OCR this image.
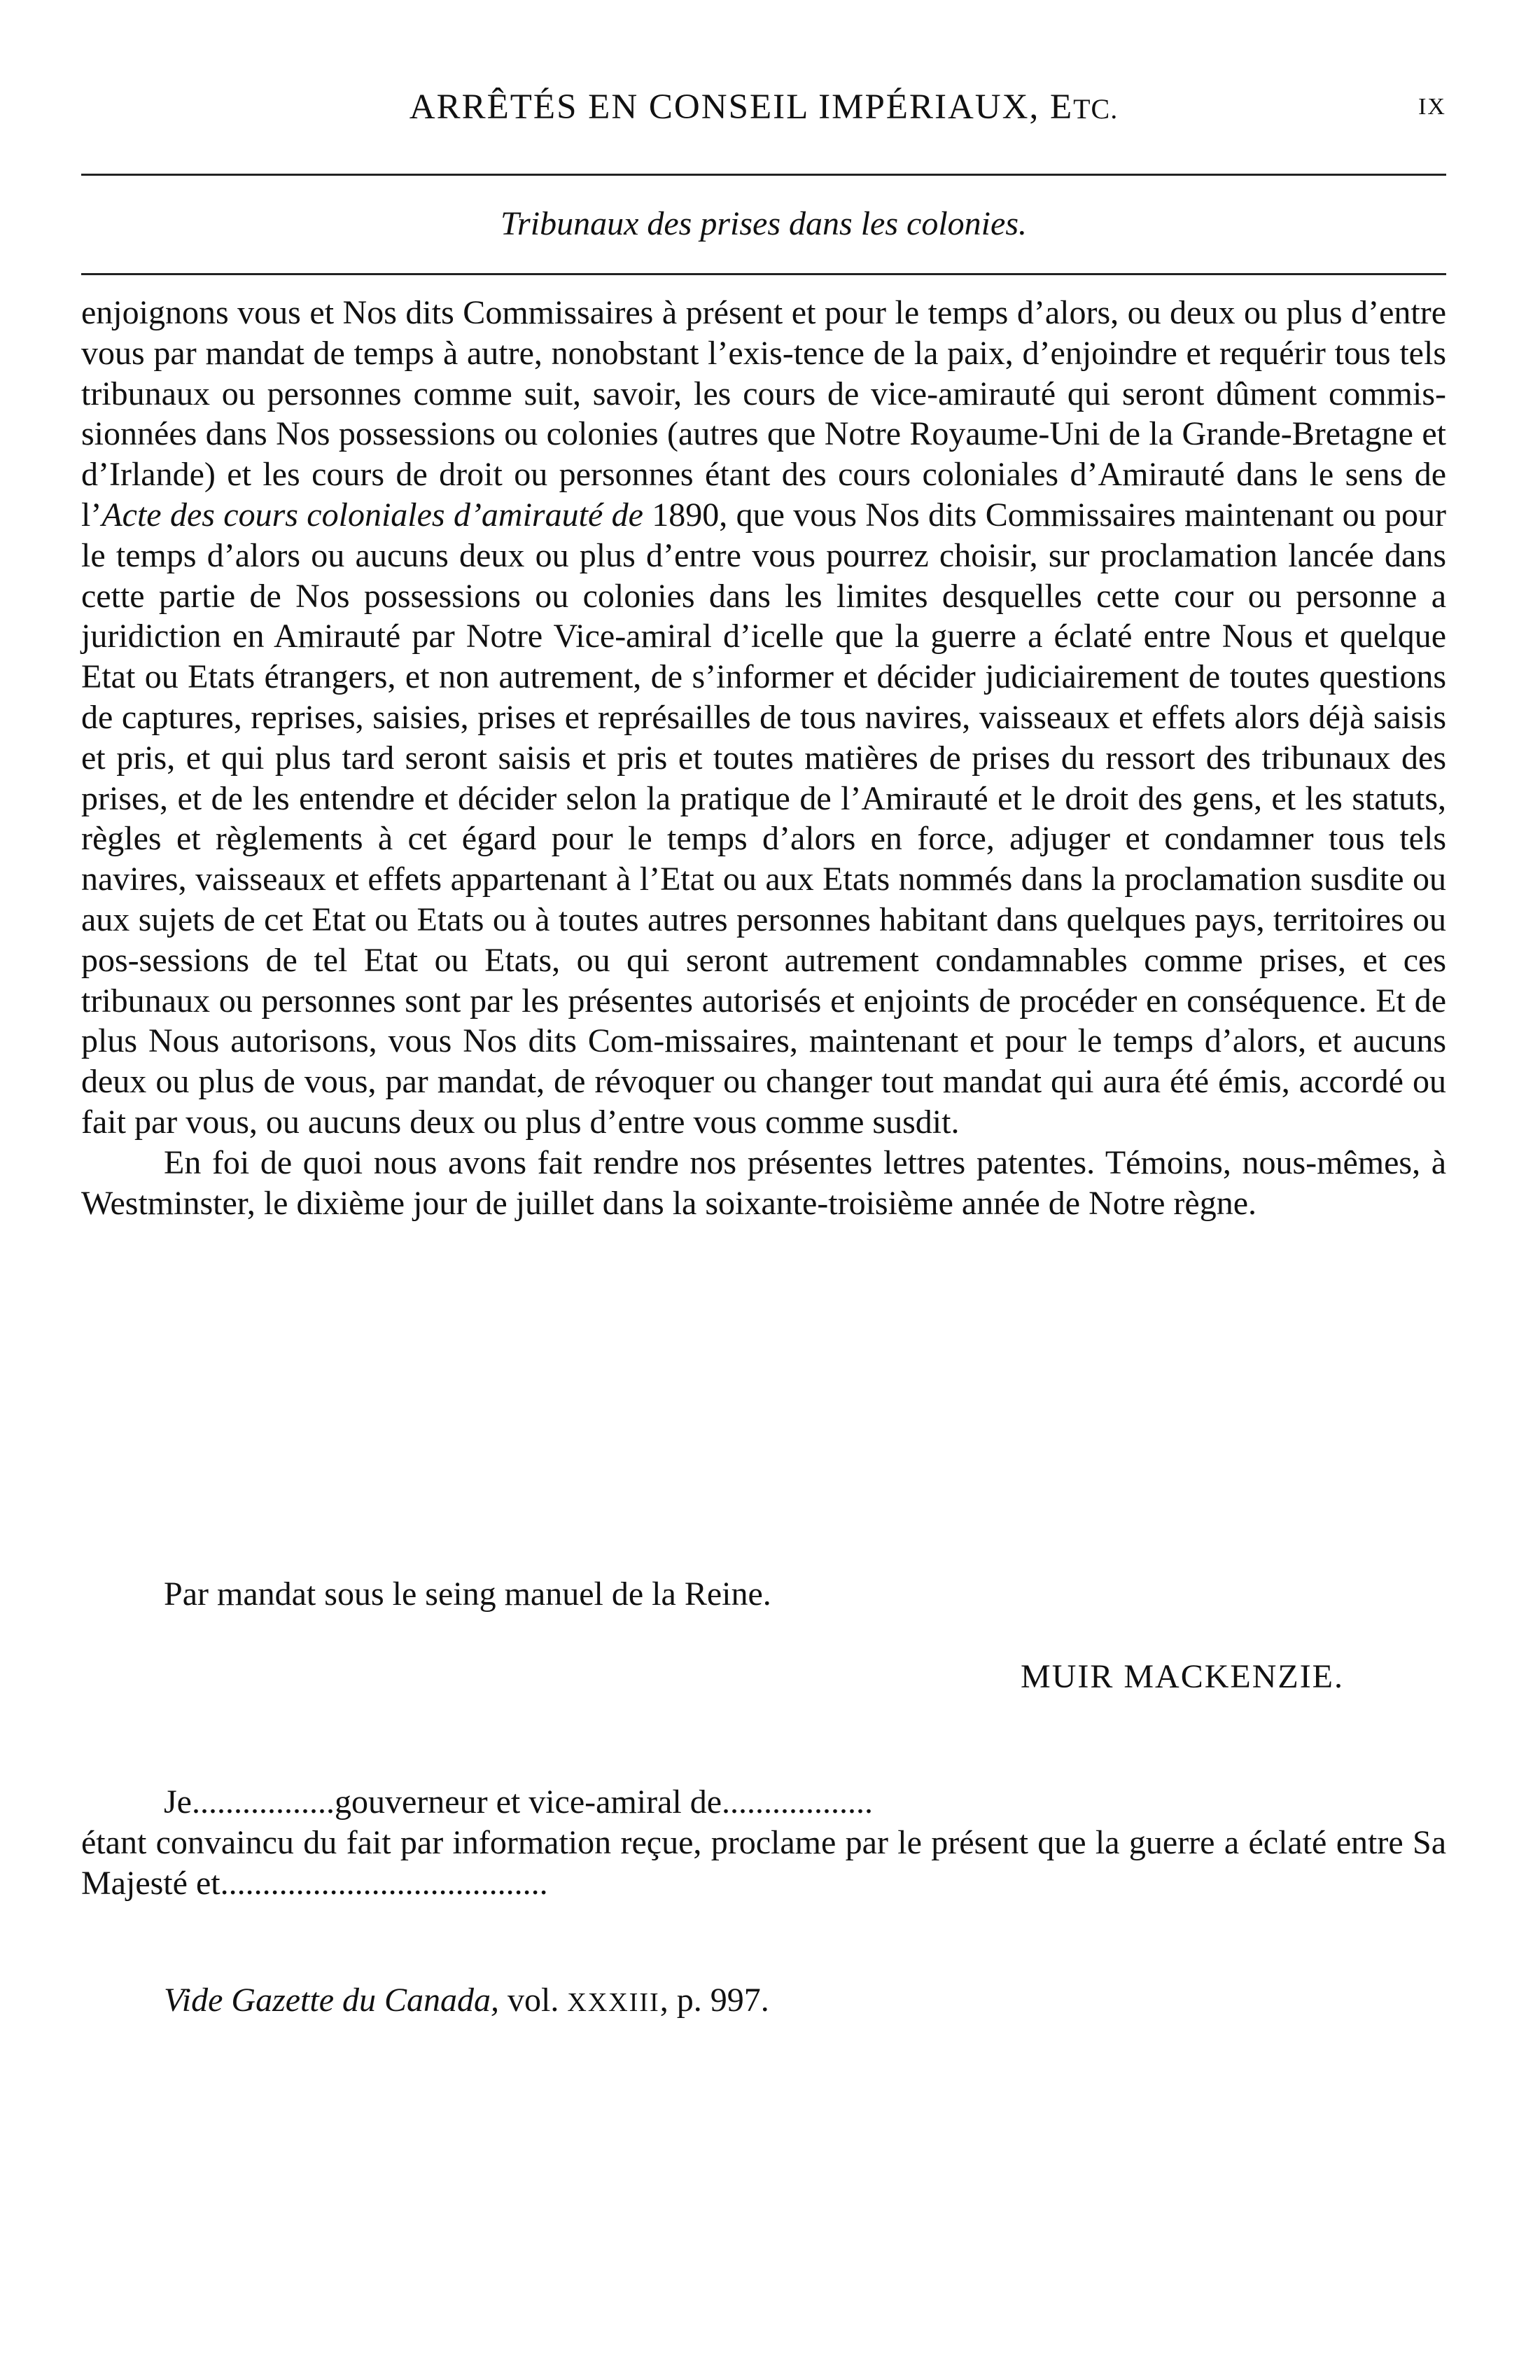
ARRÊTÉS EN CONSEIL IMPÉRIAUX, ETC.	IX
Tribunaux des prises dans les colonies.

enjoignons vous et Nos dits Commissaires à présent et pour le temps d’alors, ou deux ou plus d’entre vous par mandat de temps à autre, nonobstant l’exis-tence de la paix, d’enjoindre et requérir tous tels tribunaux ou personnes comme suit, savoir, les cours de vice-amirauté qui seront dûment commis-sionnées dans Nos possessions ou colonies (autres que Notre Royaume-Uni de la Grande-Bretagne et d’Irlande) et les cours de droit ou personnes étant des cours coloniales d’Amirauté dans le sens de l’Acte des cours coloniales d’amirauté de 1890, que vous Nos dits Commissaires maintenant ou pour le temps d’alors ou aucuns deux ou plus d’entre vous pourrez choisir, sur proclamation lancée dans cette partie de Nos possessions ou colonies dans les limites desquelles cette cour ou personne a juridiction en Amirauté par Notre Vice-amiral d’icelle que la guerre a éclaté entre Nous et quelque Etat ou Etats étrangers, et non autrement, de s’informer et décider judiciairement de toutes questions de captures, reprises, saisies, prises et représailles de tous navires, vaisseaux et effets alors déjà saisis et pris, et qui plus tard seront saisis et pris et toutes matières de prises du ressort des tribunaux des prises, et de les entendre et décider selon la pratique de l’Amirauté et le droit des gens, et les statuts, règles et règlements à cet égard pour le temps d’alors en force, adjuger et condamner tous tels navires, vaisseaux et effets appartenant à l’Etat ou aux Etats nommés dans la proclamation susdite ou aux sujets de cet Etat ou Etats ou à toutes autres personnes habitant dans quelques pays, territoires ou pos-sessions de tel Etat ou Etats, ou qui seront autrement condamnables comme prises, et ces tribunaux ou personnes sont par les présentes autorisés et enjoints de procéder en conséquence. Et de plus Nous autorisons, vous Nos dits Com-missaires, maintenant et pour le temps d’alors, et aucuns deux ou plus de vous, par mandat, de révoquer ou changer tout mandat qui aura été émis, accordé ou fait par vous, ou aucuns deux ou plus d’entre vous comme susdit.

En foi de quoi nous avons fait rendre nos présentes lettres patentes. Témoins, nous-mêmes, à Westminster, le dixième jour de juillet dans la soixante-troisième année de Notre règne.

Par mandat sous le seing manuel de la Reine.
MUIR MACKENZIE.

Je.................gouverneur et vice-amiral de..................

étant convaincu du fait par information reçue, proclame par le présent que la guerre a éclaté entre Sa Majesté et.......................................

Vide Gazette du Canada, vol. XXXIII, p. 997.
